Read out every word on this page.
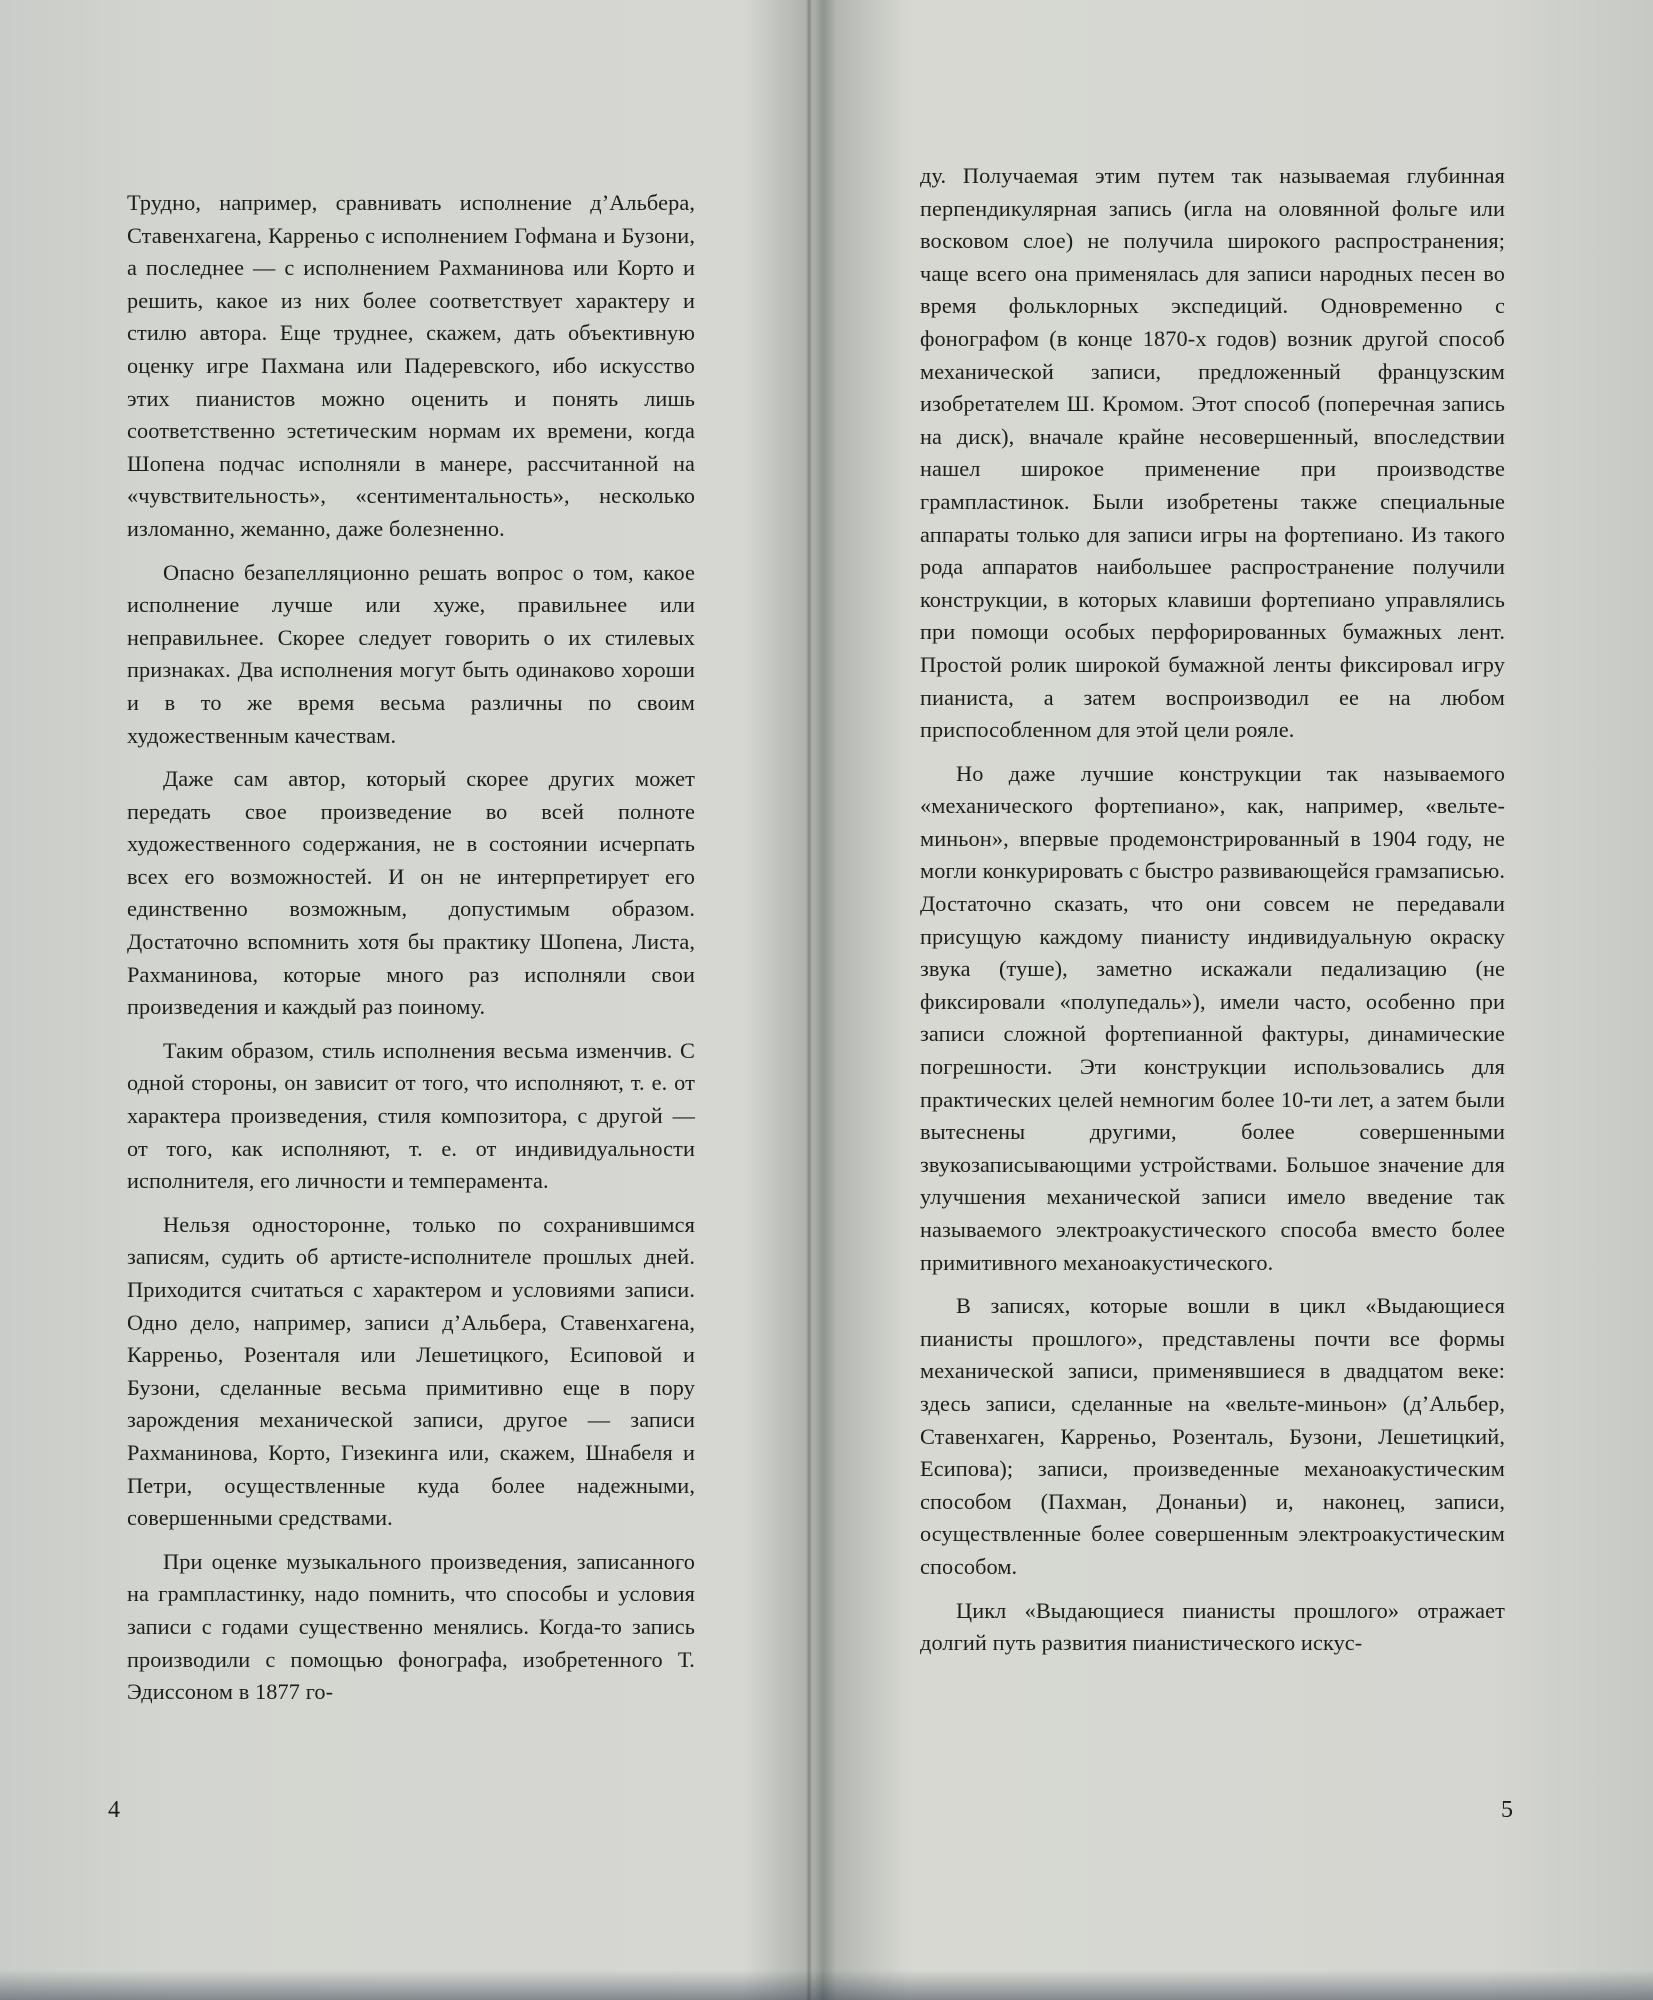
Трудно, например, сравнивать исполнение д’Альбера, Ставенхагена, Карреньо с исполнением Гофмана и Бузони, а последнее — с исполнением Рахманинова или Корто и решить, какое из них более соответствует характеру и стилю автора. Еще труднее, скажем, дать объективную оценку игре Пахмана или Падеревского, ибо искусство этих пианистов можно оценить и понять лишь соответственно эстетическим нормам их времени, когда Шопена подчас исполняли в манере, рассчитанной на «чувствительность», «сентиментальность», несколько изломанно, жеманно, даже болезненно.

Опасно безапелляционно решать вопрос о том, какое исполнение лучше или хуже, правильнее или неправильнее. Скорее следует говорить о их стилевых признаках. Два исполнения могут быть одинаково хороши и в то же время весьма различны по своим художественным качествам.

Даже сам автор, который скорее других может передать свое произведение во всей полноте художественного содержания, не в состоянии исчерпать всех его возможностей. И он не интерпретирует его единственно возможным, допустимым образом. Достаточно вспомнить хотя бы практику Шопена, Листа, Рахманинова, которые много раз исполняли свои произведения и каждый раз поиному.

Таким образом, стиль исполнения весьма изменчив. С одной стороны, он зависит от того, что исполняют, т. е. от характера произведения, стиля композитора, с другой — от того, как исполняют, т. е. от индивидуальности исполнителя, его личности и темперамента.

Нельзя односторонне, только по сохранившимся записям, судить об артисте-исполнителе прошлых дней. Приходится считаться с характером и условиями записи. Одно дело, например, записи д’Альбера, Ставенхагена, Карреньо, Розенталя или Лешетицкого, Есиповой и Бузони, сделанные весьма примитивно еще в пору зарождения механической записи, другое — записи Рахманинова, Корто, Гизекинга или, скажем, Шнабеля и Петри, осуществленные куда более надежными, совершенными средствами.

При оценке музыкального произведения, записанного на грампластинку, надо помнить, что способы и условия записи с годами существенно менялись. Когда-то запись производили с помощью фонографа, изобретенного Т. Эдиссоном в 1877 го-

ду. Получаемая этим путем так называемая глубинная перпендикулярная запись (игла на оловянной фольге или восковом слое) не получила широкого распространения; чаще всего она применялась для записи народных песен во время фольклорных экспедиций. Одновременно с фонографом (в конце 1870-х годов) возник другой способ механической записи, предложенный французским изобретателем Ш. Кромом. Этот способ (поперечная запись на диск), вначале крайне несовершенный, впоследствии нашел широкое применение при производстве грампластинок. Были изобретены также специальные аппараты только для записи игры на фортепиано. Из такого рода аппаратов наибольшее распространение получили конструкции, в которых клавиши фортепиано управлялись при помощи особых перфорированных бумажных лент. Простой ролик широкой бумажной ленты фиксировал игру пианиста, а затем воспроизводил ее на любом приспособленном для этой цели рояле.

Но даже лучшие конструкции так называемого «механического фортепиано», как, например, «вельте-миньон», впервые продемонстрированный в 1904 году, не могли конкурировать с быстро развивающейся грамзаписью. Достаточно сказать, что они совсем не передавали присущую каждому пианисту индивидуальную окраску звука (туше), заметно искажали педализацию (не фиксировали «полупедаль»), имели часто, особенно при записи сложной фортепианной фактуры, динамические погрешности. Эти конструкции использовались для практических целей немногим более 10-ти лет, а затем были вытеснены другими, более совершенными звукозаписывающими устройствами. Большое значение для улучшения механической записи имело введение так называемого электроакустического способа вместо более примитивного механоакустического.

В записях, которые вошли в цикл «Выдающиеся пианисты прошлого», представлены почти все формы механической записи, применявшиеся в двадцатом веке: здесь записи, сделанные на «вельте-миньон» (д’Альбер, Ставенхаген, Карреньо, Розенталь, Бузони, Лешетицкий, Есипова); записи, произведенные механоакустическим способом (Пахман, Донаньи) и, наконец, записи, осуществленные более совершенным электроакустическим способом.

Цикл «Выдающиеся пианисты прошлого» отражает долгий путь развития пианистического искус-

4	5
